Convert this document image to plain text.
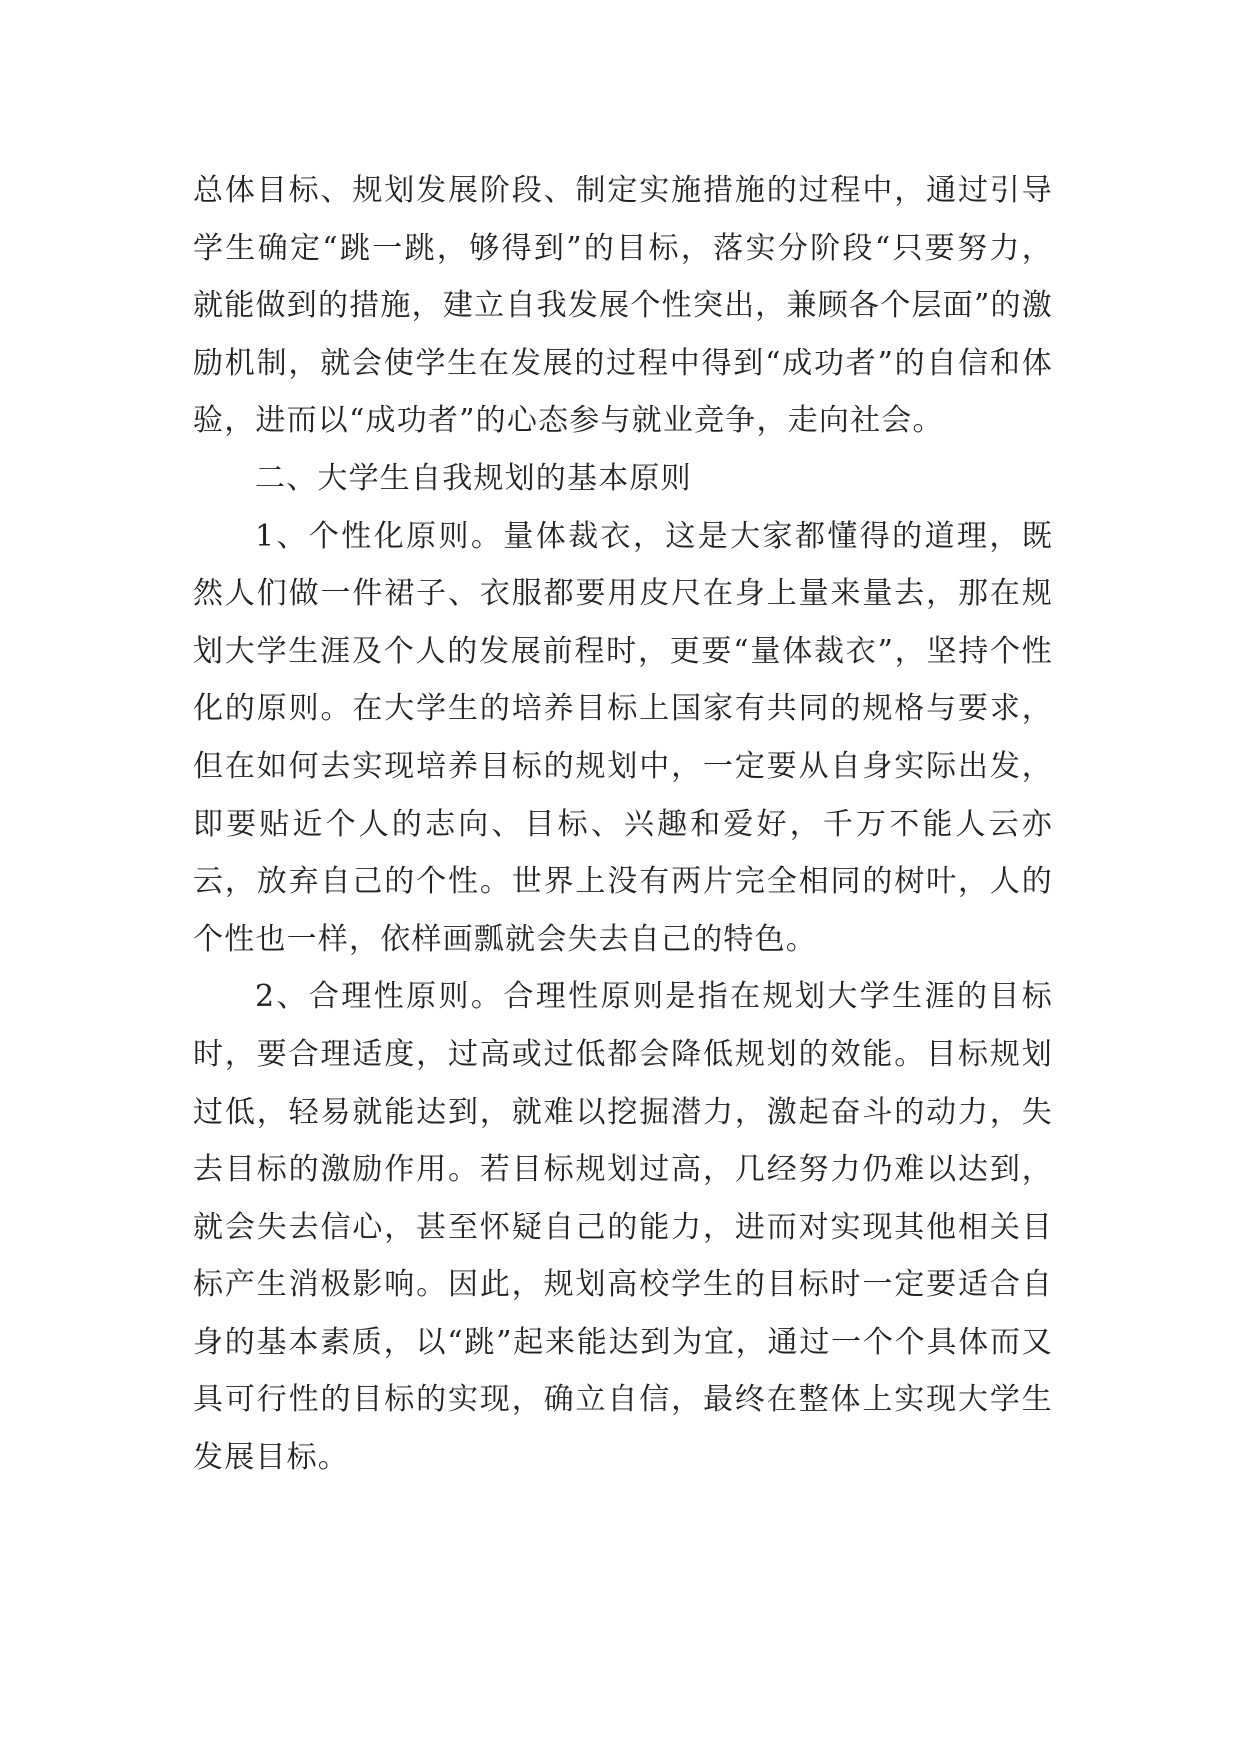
总体目标、规划发展阶段、制定实施措施的过程中，通过引导学生确定“跳一跳，够得到”的目标，落实分阶段“只要努力，就能做到的措施，建立自我发展个性突出，兼顾各个层面”的激励机制，就会使学生在发展的过程中得到“成功者”的自信和体验，进而以“成功者”的心态参与就业竞争，走向社会。

二、大学生自我规划的基本原则

1、个性化原则。量体裁衣，这是大家都懂得的道理，既然人们做一件裙子、衣服都要用皮尺在身上量来量去，那在规划大学生涯及个人的发展前程时，更要“量体裁衣”，坚持个性化的原则。在大学生的培养目标上国家有共同的规格与要求，但在如何去实现培养目标的规划中，一定要从自身实际出发，即要贴近个人的志向、目标、兴趣和爱好，千万不能人云亦云，放弃自己的个性。世界上没有两片完全相同的树叶，人的个性也一样，依样画瓢就会失去自己的特色。

2、合理性原则。合理性原则是指在规划大学生涯的目标时，要合理适度，过高或过低都会降低规划的效能。目标规划过低，轻易就能达到，就难以挖掘潜力，激起奋斗的动力，失去目标的激励作用。若目标规划过高，几经努力仍难以达到，就会失去信心，甚至怀疑自己的能力，进而对实现其他相关目标产生消极影响。因此，规划高校学生的目标时一定要适合自身的基本素质，以“跳”起来能达到为宜，通过一个个具体而又具可行性的目标的实现，确立自信，最终在整体上实现大学生发展目标。
